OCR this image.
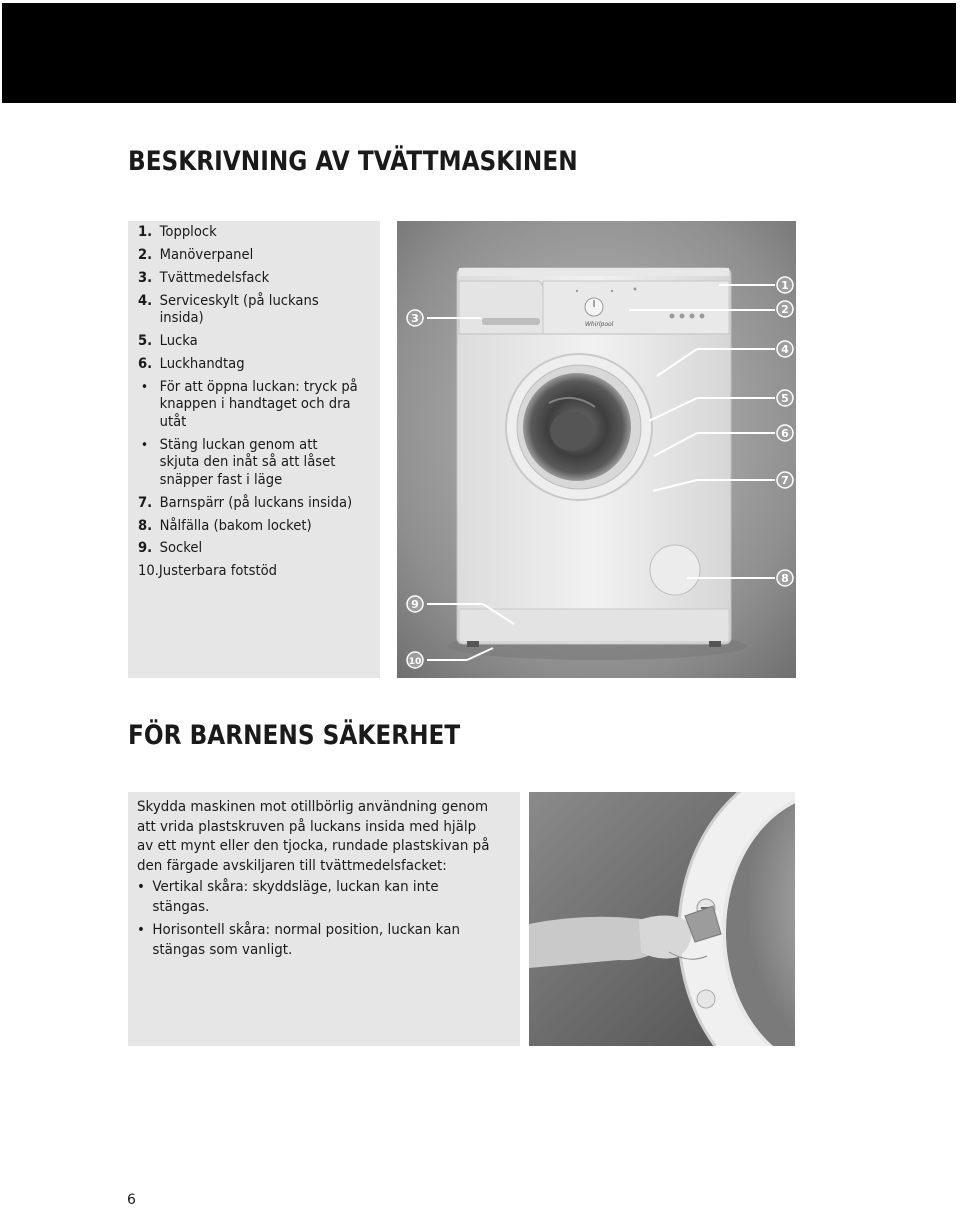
BESKRIVNING AV TVÄTTMASKINEN
1. Topplock
2. Manöverpanel
3. Tvättmedelsfack
4. Serviceskylt (på luckans insida)
5. Lucka
6. Luckhandtag
• För att öppna luckan: tryck på knappen i handtaget och dra utåt
• Stäng luckan genom att skjuta den inåt så att låset snäpper fast i läge
7. Barnspärr (på luckans insida)
8. Nålfälla (bakom locket)
9. Sockel
10.Justerbara fotstöd
Whirlpool
1
2
3
4
5
6
7
8
9
10
FÖR BARNENS SÄKERHET
Skydda maskinen mot otillbörlig användning genom att vrida plastskruven på luckans insida med hjälp av ett mynt eller den tjocka, rundade plastskivan på den färgade avskiljaren till tvättmedelsfacket:
• Vertikal skåra: skyddsläge, luckan kan inte stängas.
• Horisontell skåra: normal position, luckan kan stängas som vanligt.
6
